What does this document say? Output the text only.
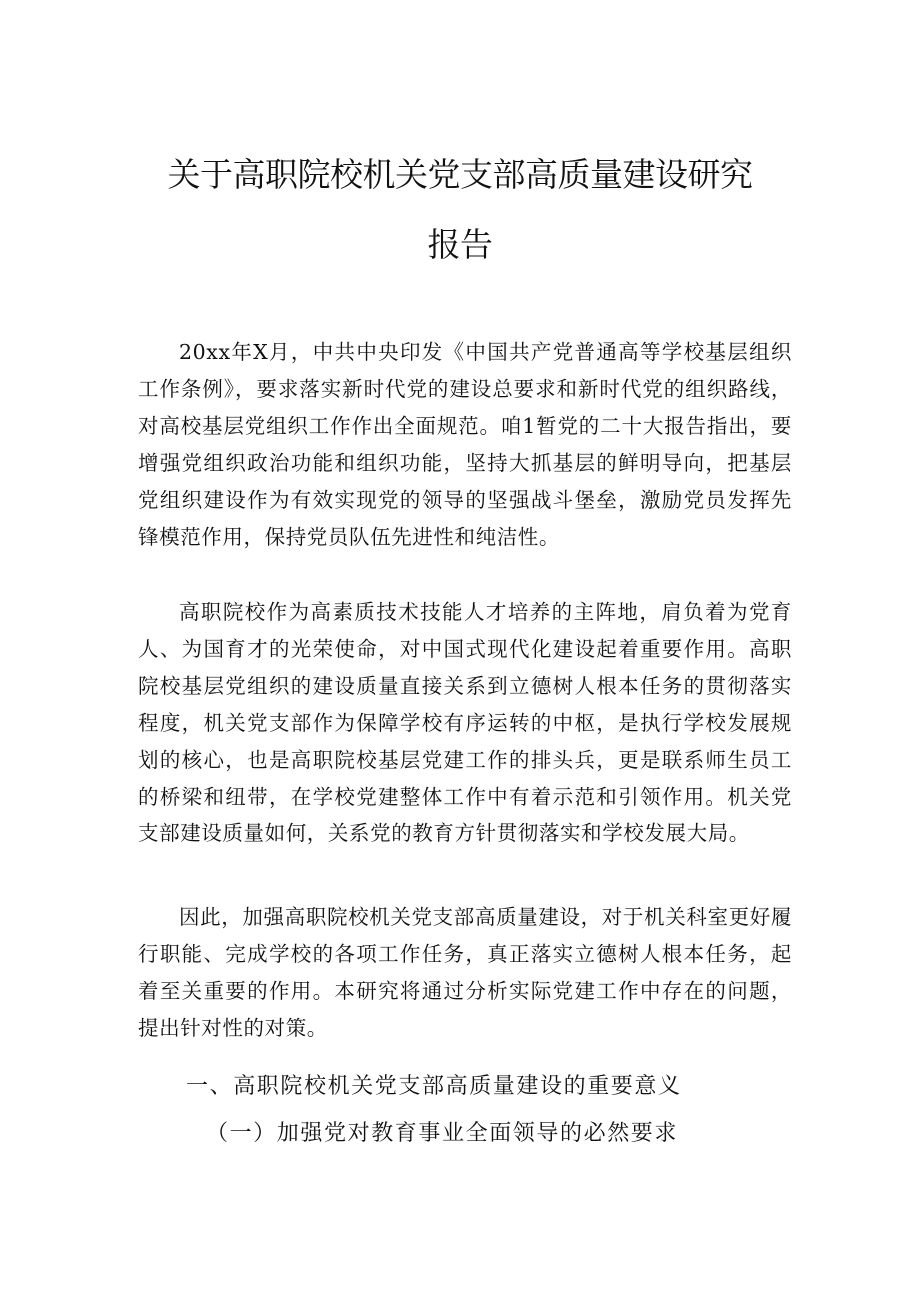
关于高职院校机关党支部高质量建设研究
报告

20xx年X月，中共中央印发《中国共产党普通高等学校基层组织工作条例》，要求落实新时代党的建设总要求和新时代党的组织路线，对高校基层党组织工作作出全面规范。咱1暂党的二十大报告指出，要增强党组织政治功能和组织功能，坚持大抓基层的鲜明导向，把基层党组织建设作为有效实现党的领导的坚强战斗堡垒，激励党员发挥先锋模范作用，保持党员队伍先进性和纯洁性。

高职院校作为高素质技术技能人才培养的主阵地，肩负着为党育人、为国育才的光荣使命，对中国式现代化建设起着重要作用。高职院校基层党组织的建设质量直接关系到立德树人根本任务的贯彻落实程度，机关党支部作为保障学校有序运转的中枢，是执行学校发展规划的核心，也是高职院校基层党建工作的排头兵，更是联系师生员工的桥梁和纽带，在学校党建整体工作中有着示范和引领作用。机关党支部建设质量如何，关系党的教育方针贯彻落实和学校发展大局。

因此，加强高职院校机关党支部高质量建设，对于机关科室更好履行职能、完成学校的各项工作任务，真正落实立德树人根本任务，起着至关重要的作用。本研究将通过分析实际党建工作中存在的问题，提出针对性的对策。

一、高职院校机关党支部高质量建设的重要意义
（一）加强党对教育事业全面领导的必然要求
